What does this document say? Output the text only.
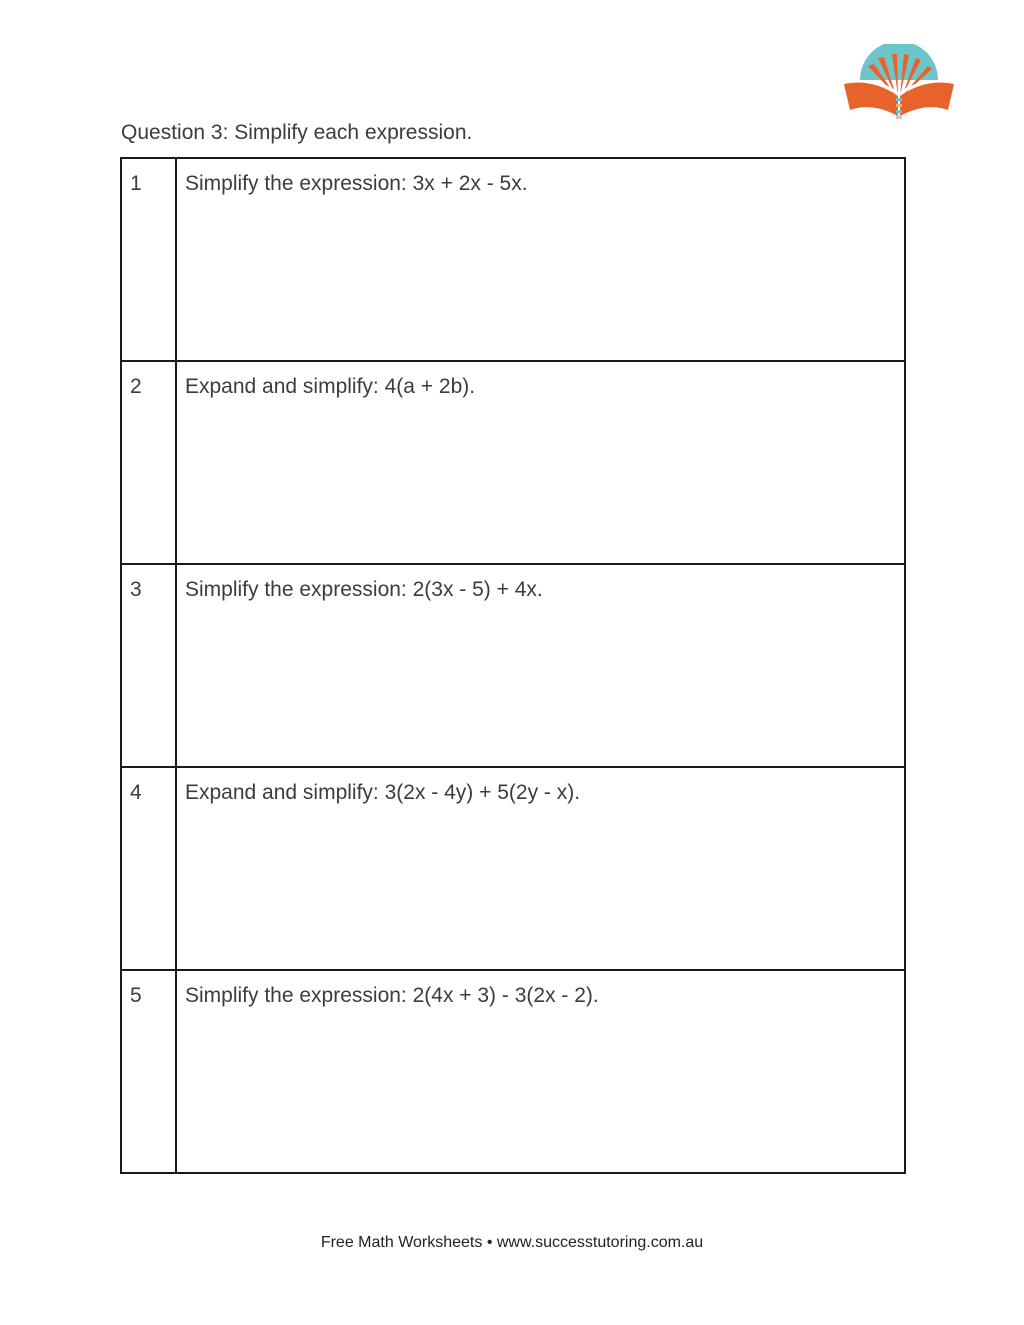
Question 3: Simplify each expression.
1	Simplify the expression: 3x + 2x - 5x.
2	Expand and simplify: 4(a + 2b).
3	Simplify the expression: 2(3x - 5) + 4x.
4	Expand and simplify: 3(2x - 4y) + 5(2y - x).
5	Simplify the expression: 2(4x + 3) - 3(2x - 2).
Free Math Worksheets • www.successtutoring.com.au
